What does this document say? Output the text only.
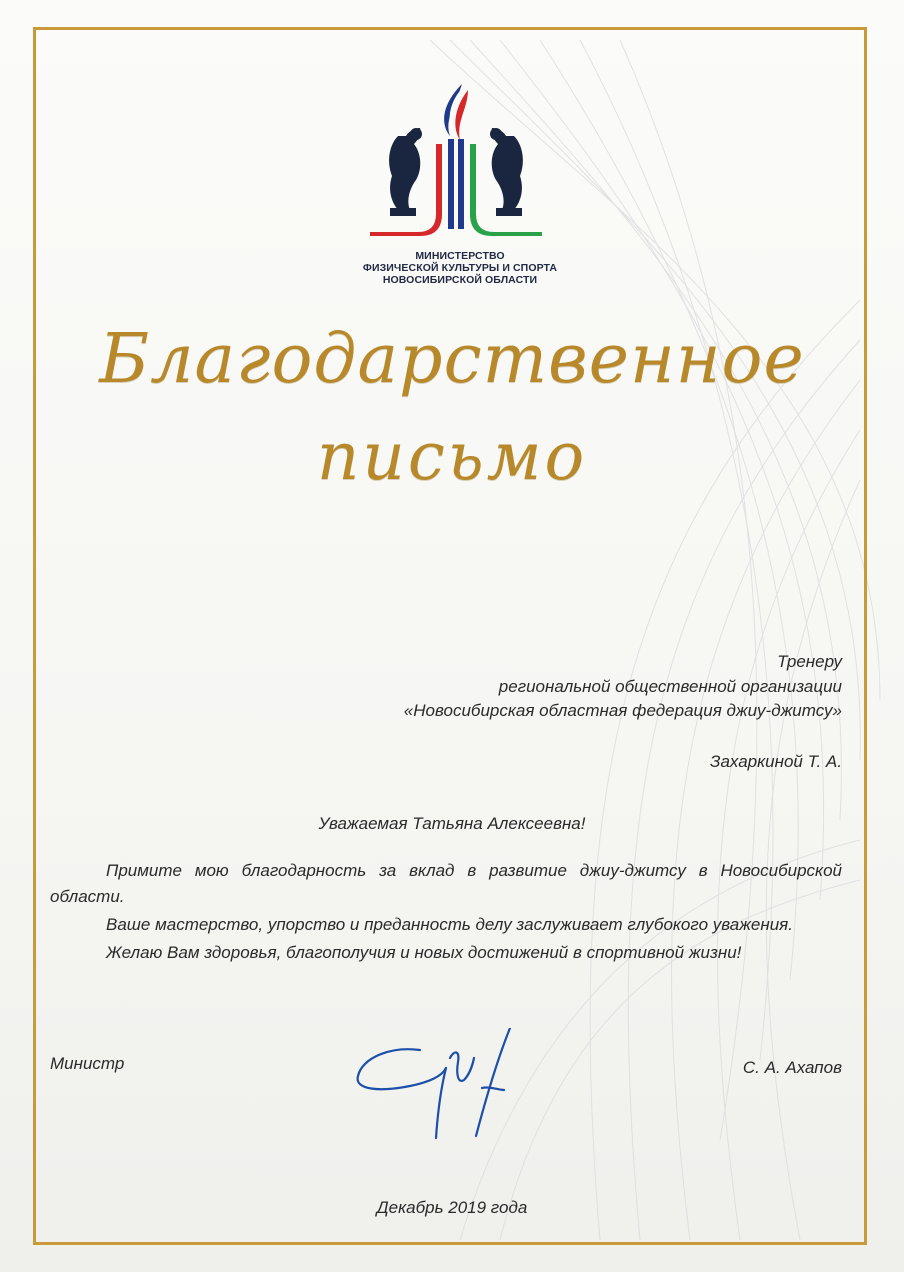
МИНИСТЕРСТВО
ФИЗИЧЕСКОЙ КУЛЬТУРЫ И СПОРТА
НОВОСИБИРСКОЙ ОБЛАСТИ
Благодарственное
письмо
Тренеру
региональной общественной организации
«Новосибирская областная федерация джиу-джитсу»
Захаркиной Т. А.
Уважаемая Татьяна Алексеевна!
Примите мою благодарность за вклад в развитие джиу-джитсу в Новосибирской области.
Ваше мастерство, упорство и преданность делу заслуживает глубокого уважения.
Желаю Вам здоровья, благополучия и новых достижений в спортивной жизни!
Министр	С. А. Ахапов
Декабрь 2019 года
